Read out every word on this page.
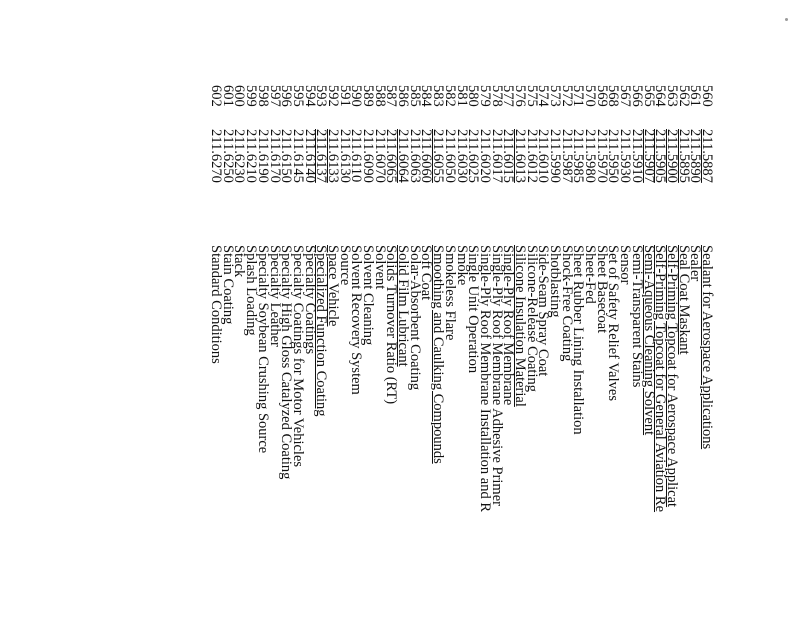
560
211.5887
Sealant for Aerospace Applications
561
211.5890
Sealer
562
211.5895
Seal Coat Maskant
563
211.5900
Self-Priming Topcoat for Aerospace Applicat
564
211.5905
Self-Priming Topcoat for General Aviation Re
565
211.5907
Semi-Aqueous Cleaning Solvent
566
211.5910
Semi-Transparent Stains
567
211.5930
Sensor
568
211.5950
Set of Safety Relief Valves
569
211.5970
Sheet Basecoat
570
211.5980
Sheet-Fed
571
211.5985
Sheet Rubber Lining Installation
572
211.5987
Shock-Free Coating
573
211.5990
Shotblasting
574
211.6010
Side-Seam Spray Coat
575
211.6012
Silicone-Release Coating
576
211.6013
Silicone Insulation Material
577
211.6015
Single-Ply Roof Membrane
578
211.6017
Single-Ply Roof Membrane Adhesive Primer
579
211.6020
Single-Ply Roof Membrane Installation and R
580
211.6025
Single Unit Operation
581
211.6030
Smoke
582
211.6050
Smokeless Flare
583
211.6055
Smoothing and Caulking Compounds
584
211.6060
Soft Coat
585
211.6063
Solar-Absorbent Coating
586
211.6064
Solid Film Lubricant
587
211.6065
Solids Turnover Ratio (RT)
588
211.6070
Solvent
589
211.6090
Solvent Cleaning
590
211.6110
Solvent Recovery System
591
211.6130
Source
592
211.6133
Space Vehicle
593
211.6137
Specialized Function Coating
594
211.6140
Specialty Coatings
595
211.6145
Specialty Coatings for Motor Vehicles
596
211.6150
Specialty High Gloss Catalyzed Coating
597
211.6170
Specialty Leather
598
211.6190
Specialty Soybean Crushing Source
599
211.6210
Splash Loading
600
211.6230
Stack
601
211.6250
Stain Coating
602
211.6270
Standard Conditions
